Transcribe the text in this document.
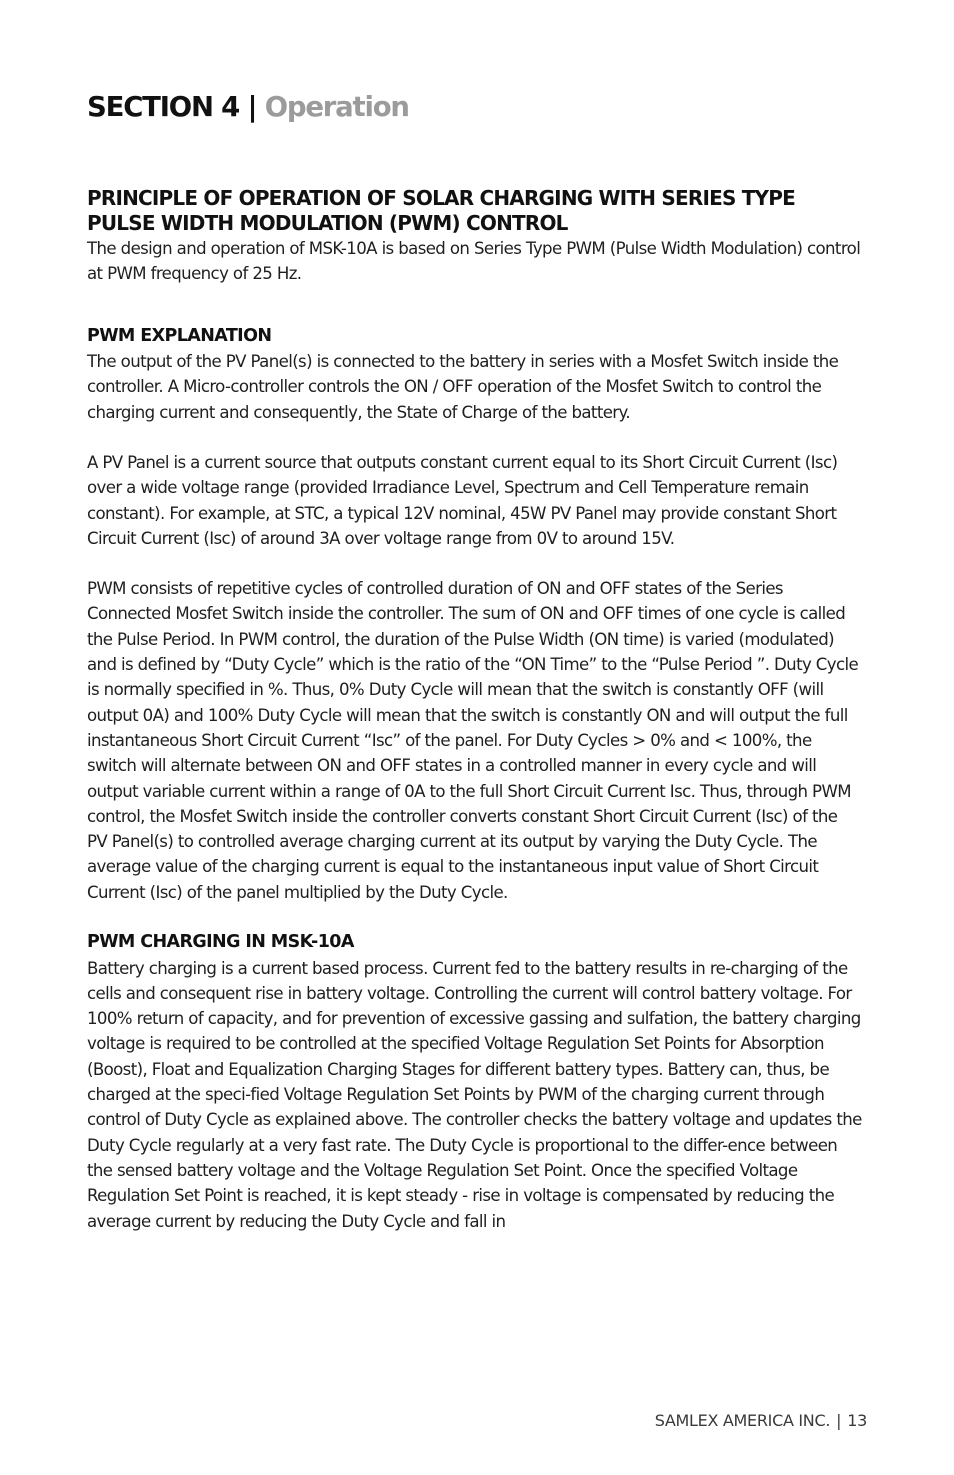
SECTION 4 | Operation
PRINCIPLE OF OPERATION OF SOLAR CHARGING WITH SERIES TYPE PULSE WIDTH MODULATION (PWM) CONTROL

The design and operation of MSK-10A is based on Series Type PWM (Pulse Width Modulation) control at PWM frequency of 25 Hz.

PWM EXPLANATION

The output of the PV Panel(s) is connected to the battery in series with a Mosfet Switch inside the controller. A Micro-controller controls the ON / OFF operation of the Mosfet Switch to control the charging current and consequently, the State of Charge of the battery.

A PV Panel is a current source that outputs constant current equal to its Short Circuit Current (Isc) over a wide voltage range (provided Irradiance Level, Spectrum and Cell Temperature remain constant). For example, at STC, a typical 12V nominal, 45W PV Panel may provide constant Short Circuit Current (Isc) of around 3A over voltage range from 0V to around 15V.

PWM consists of repetitive cycles of controlled duration of ON and OFF states of the Series Connected Mosfet Switch inside the controller. The sum of ON and OFF times of one cycle is called the Pulse Period. In PWM control, the duration of the Pulse Width (ON time) is varied (modulated) and is defined by “Duty Cycle” which is the ratio of the “ON Time” to the “Pulse Period ”. Duty Cycle is normally specified in %. Thus, 0% Duty Cycle will mean that the switch is constantly OFF (will output 0A) and 100% Duty Cycle will mean that the switch is constantly ON and will output the full instantaneous Short Circuit Current “Isc” of the panel. For Duty Cycles > 0% and < 100%, the switch will alternate between ON and OFF states in a controlled manner in every cycle and will output variable current within a range of 0A to the full Short Circuit Current Isc. Thus, through PWM control, the Mosfet Switch inside the controller converts constant Short Circuit Current (Isc) of the PV Panel(s) to controlled average charging current at its output by varying the Duty Cycle. The average value of the charging current is equal to the instantaneous input value of Short Circuit Current (Isc) of the panel multiplied by the Duty Cycle.

PWM CHARGING IN MSK-10A

Battery charging is a current based process. Current fed to the battery results in re-charging of the cells and consequent rise in battery voltage. Controlling the current will control battery voltage. For 100% return of capacity, and for prevention of excessive gassing and sulfation, the battery charging voltage is required to be controlled at the specified Voltage Regulation Set Points for Absorption (Boost), Float and Equalization Charging Stages for different battery types. Battery can, thus, be charged at the speci-fied Voltage Regulation Set Points by PWM of the charging current through control of Duty Cycle as explained above. The controller checks the battery voltage and updates the Duty Cycle regularly at a very fast rate. The Duty Cycle is proportional to the differ-ence between the sensed battery voltage and the Voltage Regulation Set Point. Once the specified Voltage Regulation Set Point is reached, it is kept steady - rise in voltage is compensated by reducing the average current by reducing the Duty Cycle and fall in

SAMLEX AMERICA INC. | 13
